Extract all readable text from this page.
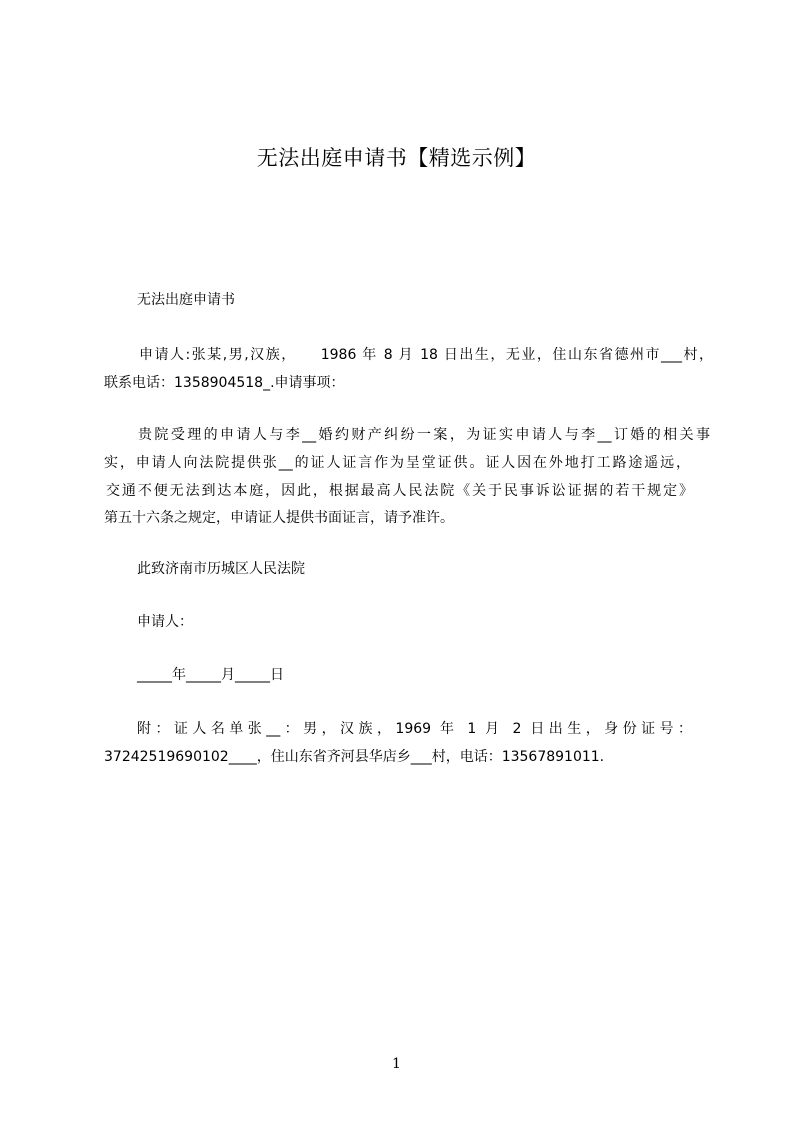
无法出庭申请书【精选示例】
无法出庭申请书
申请人:张某,男,汉族，　　1986 年 8 月 18 日出生，无业，住山东省德州市___村，
联系电话：1358904518_.申请事项：
贵院受理的申请人与李__婚约财产纠纷一案，为证实申请人与李__订婚的相关事
实，申请人向法院提供张__的证人证言作为呈堂证供。证人因在外地打工路途遥远，
交通不便无法到达本庭，因此，根据最高人民法院《关于民事诉讼证据的若干规定》
第五十六条之规定，申请证人提供书面证言，请予准许。
此致济南市历城区人民法院
申请人：
_____年_____月_____日
附：证人名单张__：男，汉族，1969 年 1 月 2 日出生，身份证号：
37242519690102____，住山东省齐河县华店乡___村，电话：13567891011.
1
